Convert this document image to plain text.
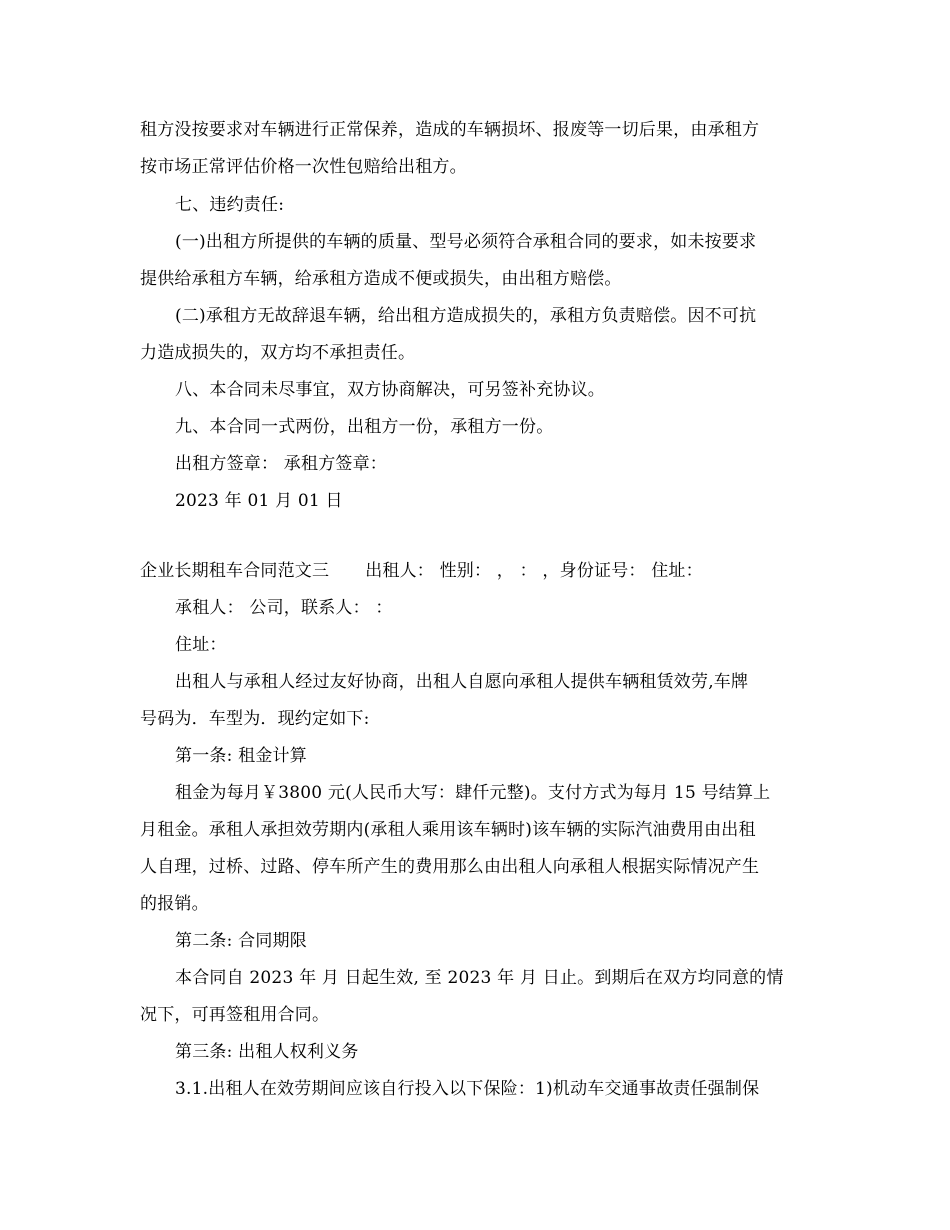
租方没按要求对车辆进行正常保养，造成的车辆损坏、报废等一切后果，由承租方
按市场正常评估价格一次性包赔给出租方。
七、违约责任:
(一)出租方所提供的车辆的质量、型号必须符合承租合同的要求，如未按要求
提供给承租方车辆，给承租方造成不便或损失，由出租方赔偿。
(二)承租方无故辞退车辆，给出租方造成损失的，承租方负责赔偿。因不可抗
力造成损失的，双方均不承担责任。
八、本合同未尽事宜，双方协商解决，可另签补充协议。
九、本合同一式两份，出租方一份，承租方一份。
出租方签章： 承租方签章：
2023 年 01 月 01 日
企业长期租车合同范文三 出租人： 性别： ， ： ，身份证号： 住址：
承租人： 公司，联系人： ：
住址：
出租人与承租人经过友好协商，出租人自愿向承租人提供车辆租赁效劳,车牌
号码为．车型为．现约定如下:
第一条: 租金计算
租金为每月￥3800 元(人民币大写：肆仟元整)。支付方式为每月 15 号结算上
月租金。承租人承担效劳期内(承租人乘用该车辆时)该车辆的实际汽油费用由出租
人自理，过桥、过路、停车所产生的费用那么由出租人向承租人根据实际情况产生
的报销。
第二条: 合同期限
本合同自 2023 年 月 日起生效, 至 2023 年 月 日止。到期后在双方均同意的情
况下，可再签租用合同。
第三条: 出租人权利义务
3.1.出租人在效劳期间应该自行投入以下保险：1)机动车交通事故责任强制保
